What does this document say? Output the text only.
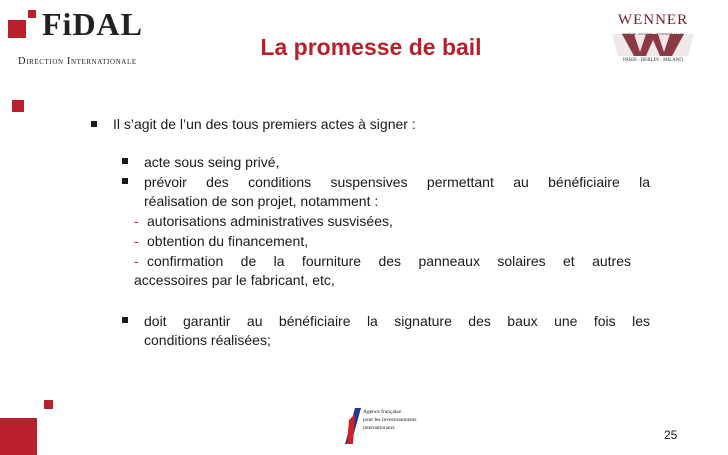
FiDAL
Direction Internationale
La promesse de bail
WENNER
ANWÄLTE · AVOCATS · ATTORNEYS AT LAW
PARIS · BERLIN · MILANO
Il s’agit de l’un des tous premiers actes à signer :
acte sous seing privé,
prévoir des conditions suspensives permettant au bénéficiaire la
réalisation de son projet, notamment :
- autorisations administratives susvisées,
- obtention du financement,
- confirmation de la fourniture des panneaux solaires et autres
accessoires par le fabricant, etc,
doit garantir au bénéficiaire la signature des baux une fois les
conditions réalisées;
Agence française
pour les investissements
internationaux	25
